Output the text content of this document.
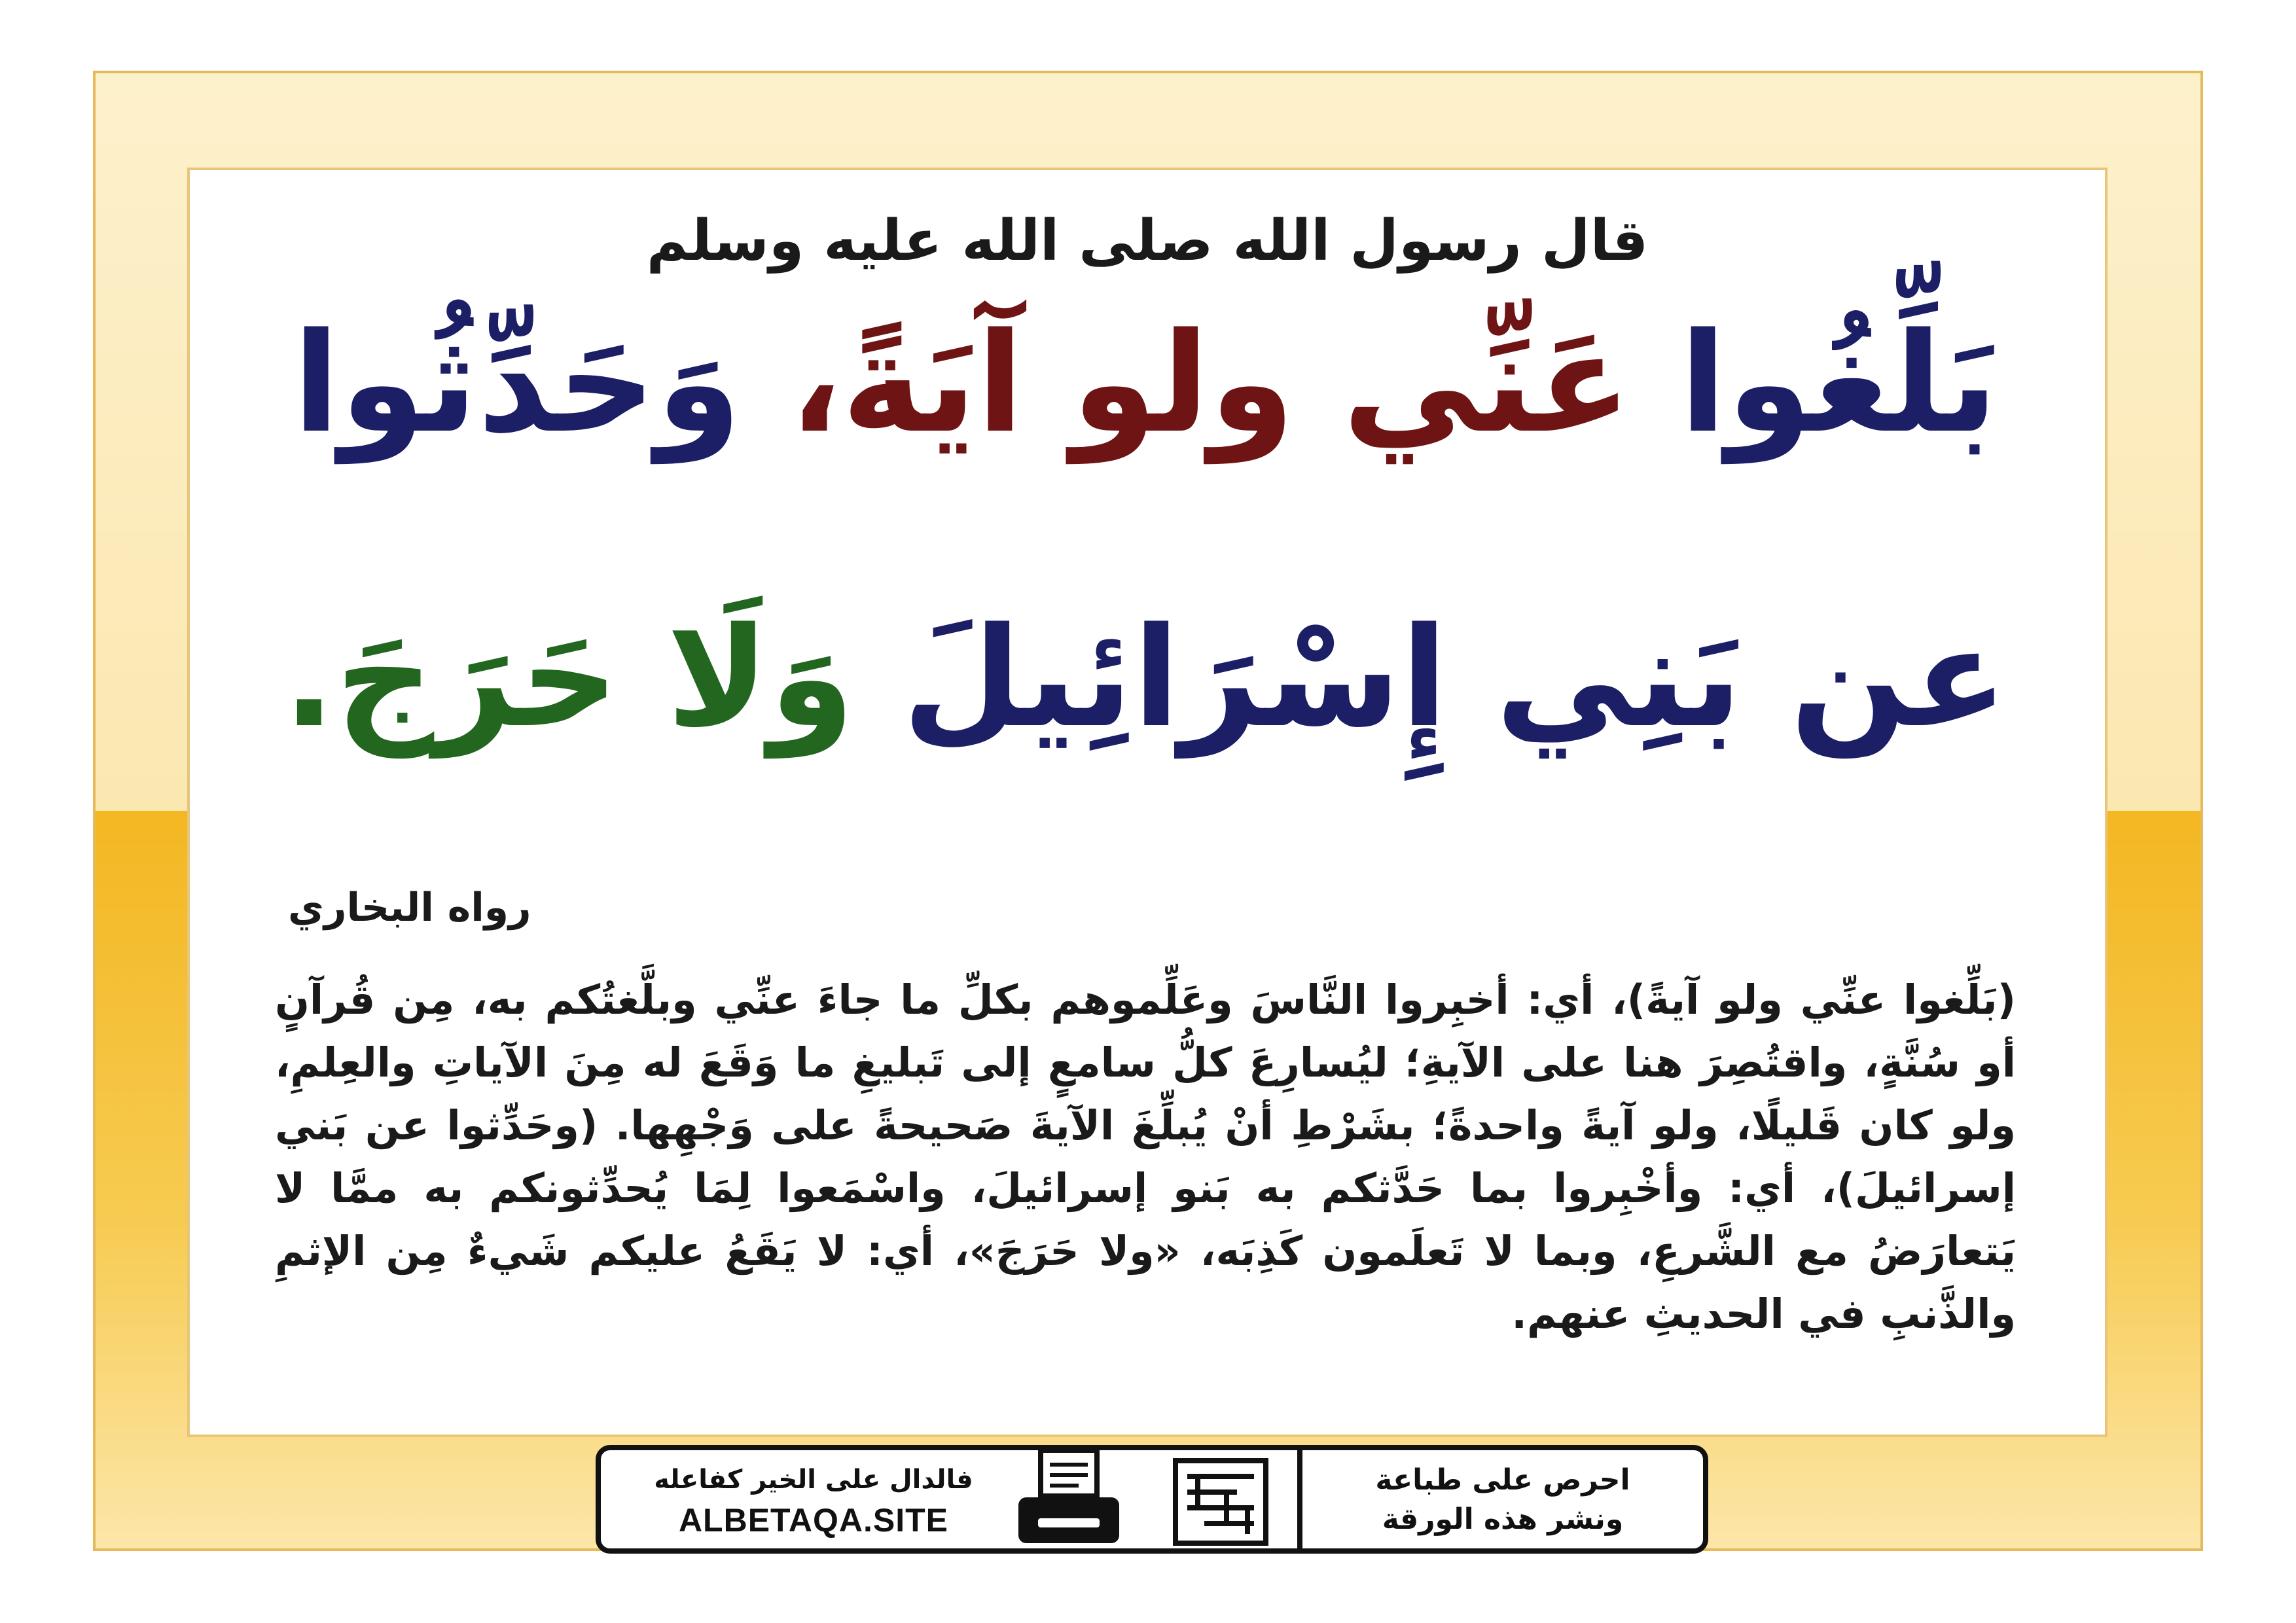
قال رسول الله صلى الله عليه وسلم

بَلِّغُوا عَنِّي ولو آيَةً، وَحَدِّثُوا

عن بَنِي إِسْرَائِيلَ وَلَا حَرَجَ.

رواه البخاري

(بَلِّغوا عنِّي ولو آيةً)، أي: أخبِروا النَّاسَ وعَلِّموهم بكلِّ ما جاءَ عنِّي وبلَّغتُكم به، مِن قُرآنٍ أو سُنَّةٍ، واقتُصِرَ هنا على الآيةِ؛ ليُسارِعَ كلُّ سامعٍ إلى تَبليغِ ما وَقَعَ له مِنَ الآياتِ والعِلمِ، ولو كان قَليلًا، ولو آيةً واحدةً؛ بشَرْطِ أنْ يُبلِّغَ الآيةَ صَحيحةً على وَجْهِها. (وحَدِّثوا عن بَني إسرائيلَ)، أي: وأخْبِروا بما حَدَّثكم به بَنو إسرائيلَ، واسْمَعوا لِمَا يُحدِّثونكم به ممَّا لا يَتعارَضُ مع الشَّرعِ، وبما لا تَعلَمون كَذِبَه، «ولا حَرَجَ»، أي: لا يَقَعُ عليكم شَيءٌ مِن الإثمِ والذَّنبِ في الحديثِ عنهم.

فالدال على الخير كفاعله

ALBETAQA.SITE

احرص على طباعة

ونشر هذه الورقة
